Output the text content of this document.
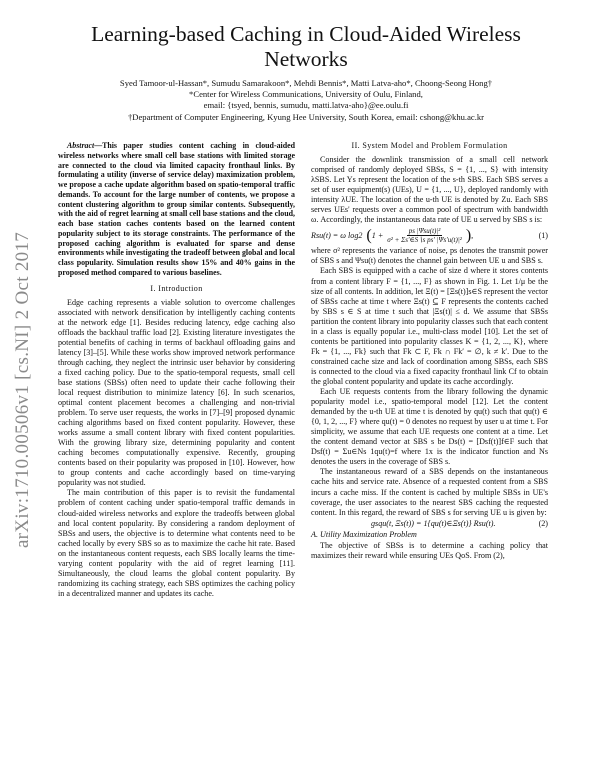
arXiv:1710.00506v1 [cs.NI] 2 Oct 2017
Learning-based Caching in Cloud-Aided Wireless Networks
Syed Tamoor-ul-Hassan*, Sumudu Samarakoon*, Mehdi Bennis*, Matti Latva-aho*, Choong-Seong Hong†
*Center for Wireless Communications, University of Oulu, Finland,
email: {tsyed, bennis, sumudu, matti.latva-aho}@ee.oulu.fi
†Department of Computer Engineering, Kyung Hee University, South Korea, email: cshong@khu.ac.kr

Abstract—This paper studies content caching in cloud-aided wireless networks where small cell base stations with limited storage are connected to the cloud via limited capacity fronthaul links. By formulating a utility (inverse of service delay) maximization problem, we propose a cache update algorithm based on spatio-temporal traffic demands. To account for the large number of contents, we propose a content clustering algorithm to group similar contents. Subsequently, with the aid of regret learning at small cell base stations and the cloud, each base station caches contents based on the learned content popularity subject to its storage constraints. The performance of the proposed caching algorithm is evaluated for sparse and dense environments while investigating the tradeoff between global and local class popularity. Simulation results show 15% and 40% gains in the proposed method compared to various baselines.

I. Introduction

Edge caching represents a viable solution to overcome challenges associated with network densification by intelligently caching contents at the network edge [1]. Besides reducing latency, edge caching also offloads the backhaul traffic load [2]. Existing literature investigates the potential benefits of caching in terms of backhaul offloading gains and latency [3]–[5]. While these works show improved network performance through caching, they neglect the intrinsic user behavior by considering a fixed caching policy. Due to the spatio-temporal requests, small cell base stations (SBSs) often need to update their cache following their local request distribution to minimize latency [6]. In such scenarios, optimal content placement becomes a challenging and non-trivial problem. To serve user requests, the works in [7]–[9] proposed dynamic caching algorithms based on fixed content popularity. However, these works assume a small content library with fixed content popularities. With the growing library size, determining popularity and content caching becomes computationally expensive. Recently, grouping contents based on their popularity was proposed in [10]. However, how to group contents and cache accordingly based on time-varying popularity was not studied.

The main contribution of this paper is to revisit the fundamental problem of content caching under spatio-temporal traffic demands in cloud-aided wireless networks and explore the tradeoffs between global and local content popularity. By considering a random deployment of SBSs and users, the objective is to determine what contents need to be cached locally by every SBS so as to maximize the cache hit rate. Based on the instantaneous content requests, each SBS locally learns the time-varying content popularity with the aid of regret learning [11]. Simultaneously, the cloud learns the global content popularity. By randomizing its caching strategy, each SBS optimizes the caching policy in a decentralized manner and updates its cache.

II. System Model and Problem Formulation

Consider the downlink transmission of a small cell network comprised of randomly deployed SBSs, S = {1, ..., S} with intensity λSBS. Let Ys represent the location of the s-th SBS. Each SBS serves a set of user equipment(s) (UEs), U = {1, ..., U}, deployed randomly with intensity λUE. The location of the u-th UE is denoted by Zu. Each SBS serves UEs' requests over a common pool of spectrum with bandwidth ω. Accordingly, the instantaneous data rate of UE u served by SBS s is:

Rsu(t) = ω log2 ( $1 + \frac{\text{ps |Ψsu(t)|²}}{\text{σ² + Σs′∈S∖s ps′ |Ψs′u(t)|²}}$ ) ,	(1)

where σ² represents the variance of noise, ps denotes the transmit power of SBS s and Ψsu(t) denotes the channel gain between UE u and SBS s.

Each SBS is equipped with a cache of size d where it stores contents from a content library F = {1, ..., F} as shown in Fig. 1. Let 1/μ be the size of all contents. In addition, let Ξ(t) = [Ξs(t)]s∈S represent the vector of SBSs cache at time t where Ξs(t) ⊆ F represents the contents cached by SBS s ∈ S at time t such that |Ξs(t)| ≤ d. We assume that SBSs partition the content library into popularity classes such that each content in a class is equally popular i.e., multi-class model [10]. Let the set of contents be partitioned into popularity classes K = {1, 2, ..., K}, where Fk = {1, ..., Fk} such that Fk ⊂ F, Fk ∩ Fk′ = ∅, k ≠ k′. Due to the constrained cache size and lack of coordination among SBSs, each SBS is connected to the cloud via a fixed capacity fronthaul link Cf to obtain the global content popularity and update its cache accordingly.

Each UE requests contents from the library following the dynamic popularity model i.e., spatio-temporal model [12]. Let the content demanded by the u-th UE at time t is denoted by qu(t) such that qu(t) ∈ {0, 1, 2, ..., F} where qu(t) = 0 denotes no request by user u at time t. For simplicity, we assume that each UE requests one content at a time. Let the content demand vector at SBS s be Ds(t) = [Dsf(t)]f∈F such that Dsf(t) = Σu∈Ns 1qu(t)=f where 1x is the indicator function and Ns denotes the users in the coverage of SBS s.

The instantaneous reward of a SBS depends on the instantaneous cache hits and service rate. Absence of a requested content from a SBS incurs a cache miss. If the content is cached by multiple SBSs in UE's coverage, the user associates to the nearest SBS caching the requested content. In this regard, the reward of SBS s for serving UE u is given by:

gsqu(t, Ξs(t)) = 1{qu(t)∈Ξs(t)} Rsu(t).	(2)
A. Utility Maximization Problem

The objective of SBSs is to determine a caching policy that maximizes their reward while ensuring UEs QoS. From (2),
